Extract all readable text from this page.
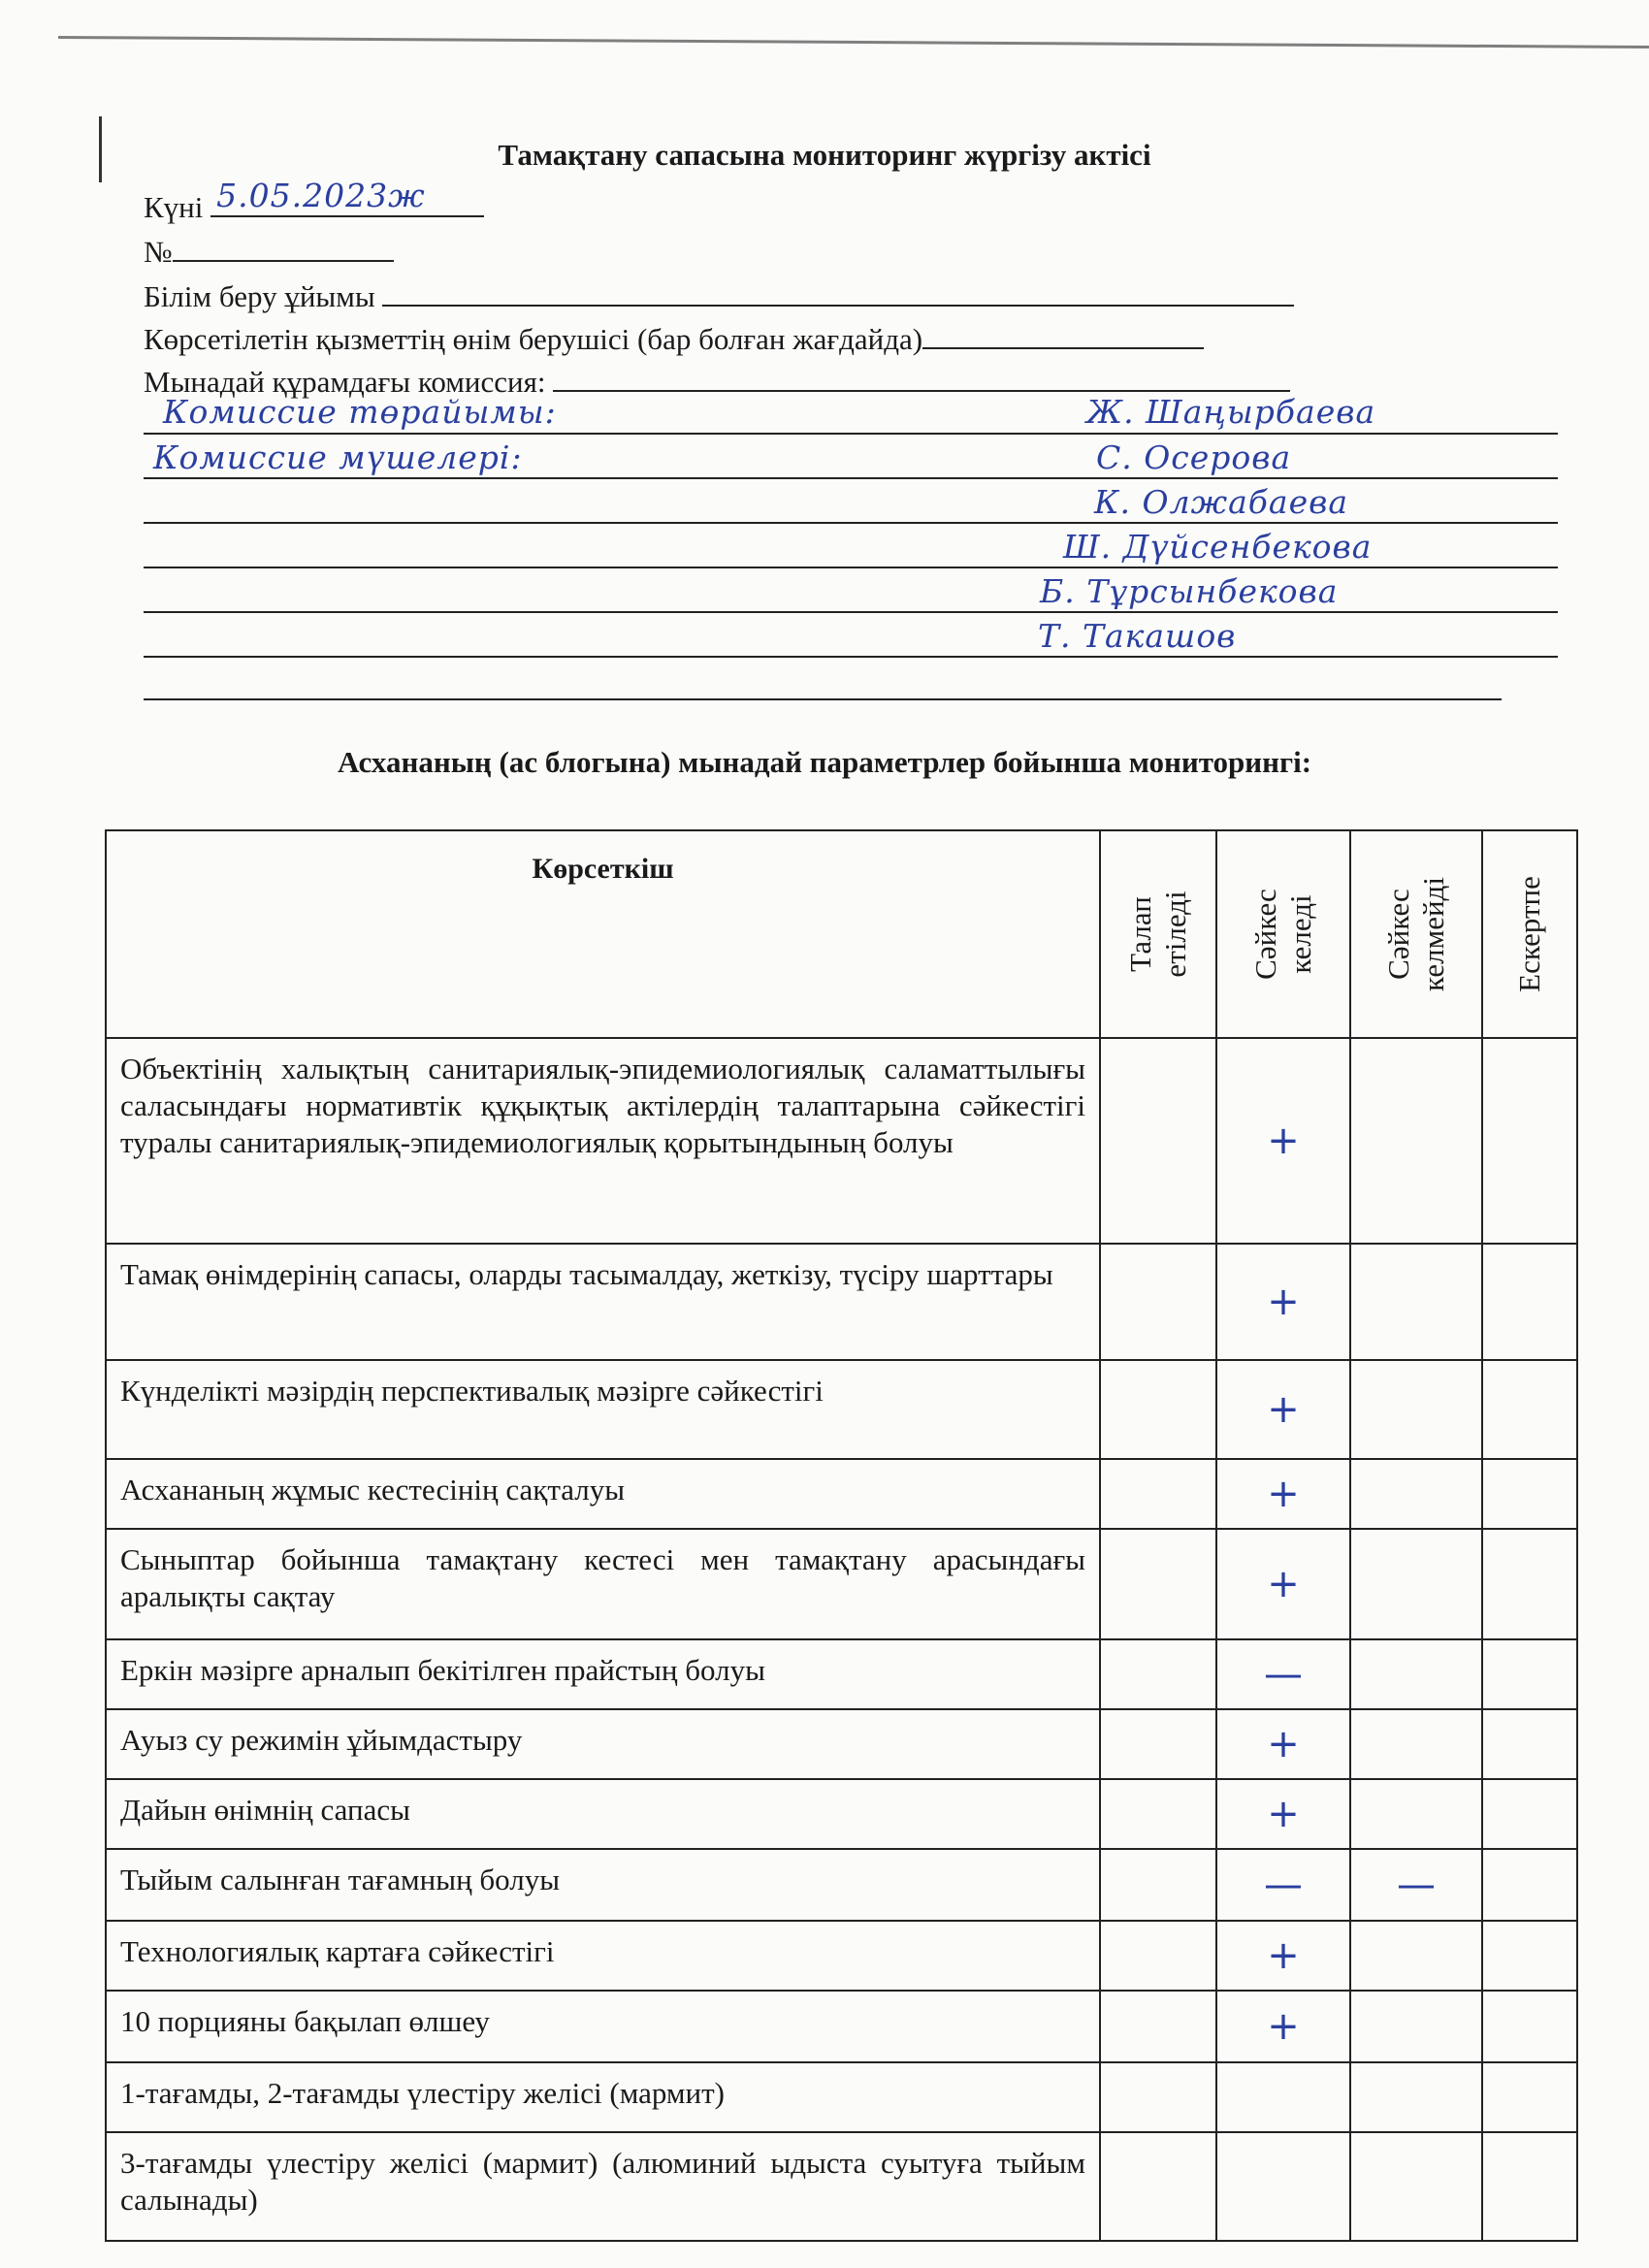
Тамақтану сапасына мониторинг жүргізу актісі
Күні 5.05.2023ж
№
Білім беру ұйымы
Көрсетілетін қызметтің өнім берушісі (бар болған жағдайда)
Мынадай құрамдағы комиссия:
Комиссие төрайымы:	Ж. Шаңырбаева
Комиссие мүшелері:	С. Осерова
К. Олжабаева
Ш. Дүйсенбекова
Б. Тұрсынбекова
Т. Такашов
Асхананың (ас блогына) мынадай параметрлер бойынша мониторингі:
Көрсеткіш	Талап етіледі	Сәйкес келеді	Сәйкес келмейді	Ескертпе

Объектінің халықтың санитариялық-эпидемиологиялық саламаттылығы саласындағы нормативтік құқықтық актілердің талаптарына сәйкестігі туралы санитариялық-эпидемиологиялық қорытындының болуы		+		
Тамақ өнімдерінің сапасы, оларды тасымалдау, жеткізу, түсіру шарттары		+		
Күнделікті мәзірдің перспективалық мәзірге сәйкестігі		+		
Асхананың жұмыс кестесінің сақталуы		+		
Сыныптар бойынша тамақтану кестесі мен тамақтану арасындағы аралықты сақтау		+		
Еркін мәзірге арналып бекітілген прайстың болуы		—		
Ауыз су режимін ұйымдастыру		+		
Дайын өнімнің сапасы		+		
Тыйым салынған тағамның болуы		—	—	
Технологиялық картаға сәйкестігі		+		
10 порцияны бақылап өлшеу		+		
1-тағамды, 2-тағамды үлестіру желісі (мармит)				
3-тағамды үлестіру желісі (мармит) (алюминий ыдыста суытуға тыйым салынады)				
